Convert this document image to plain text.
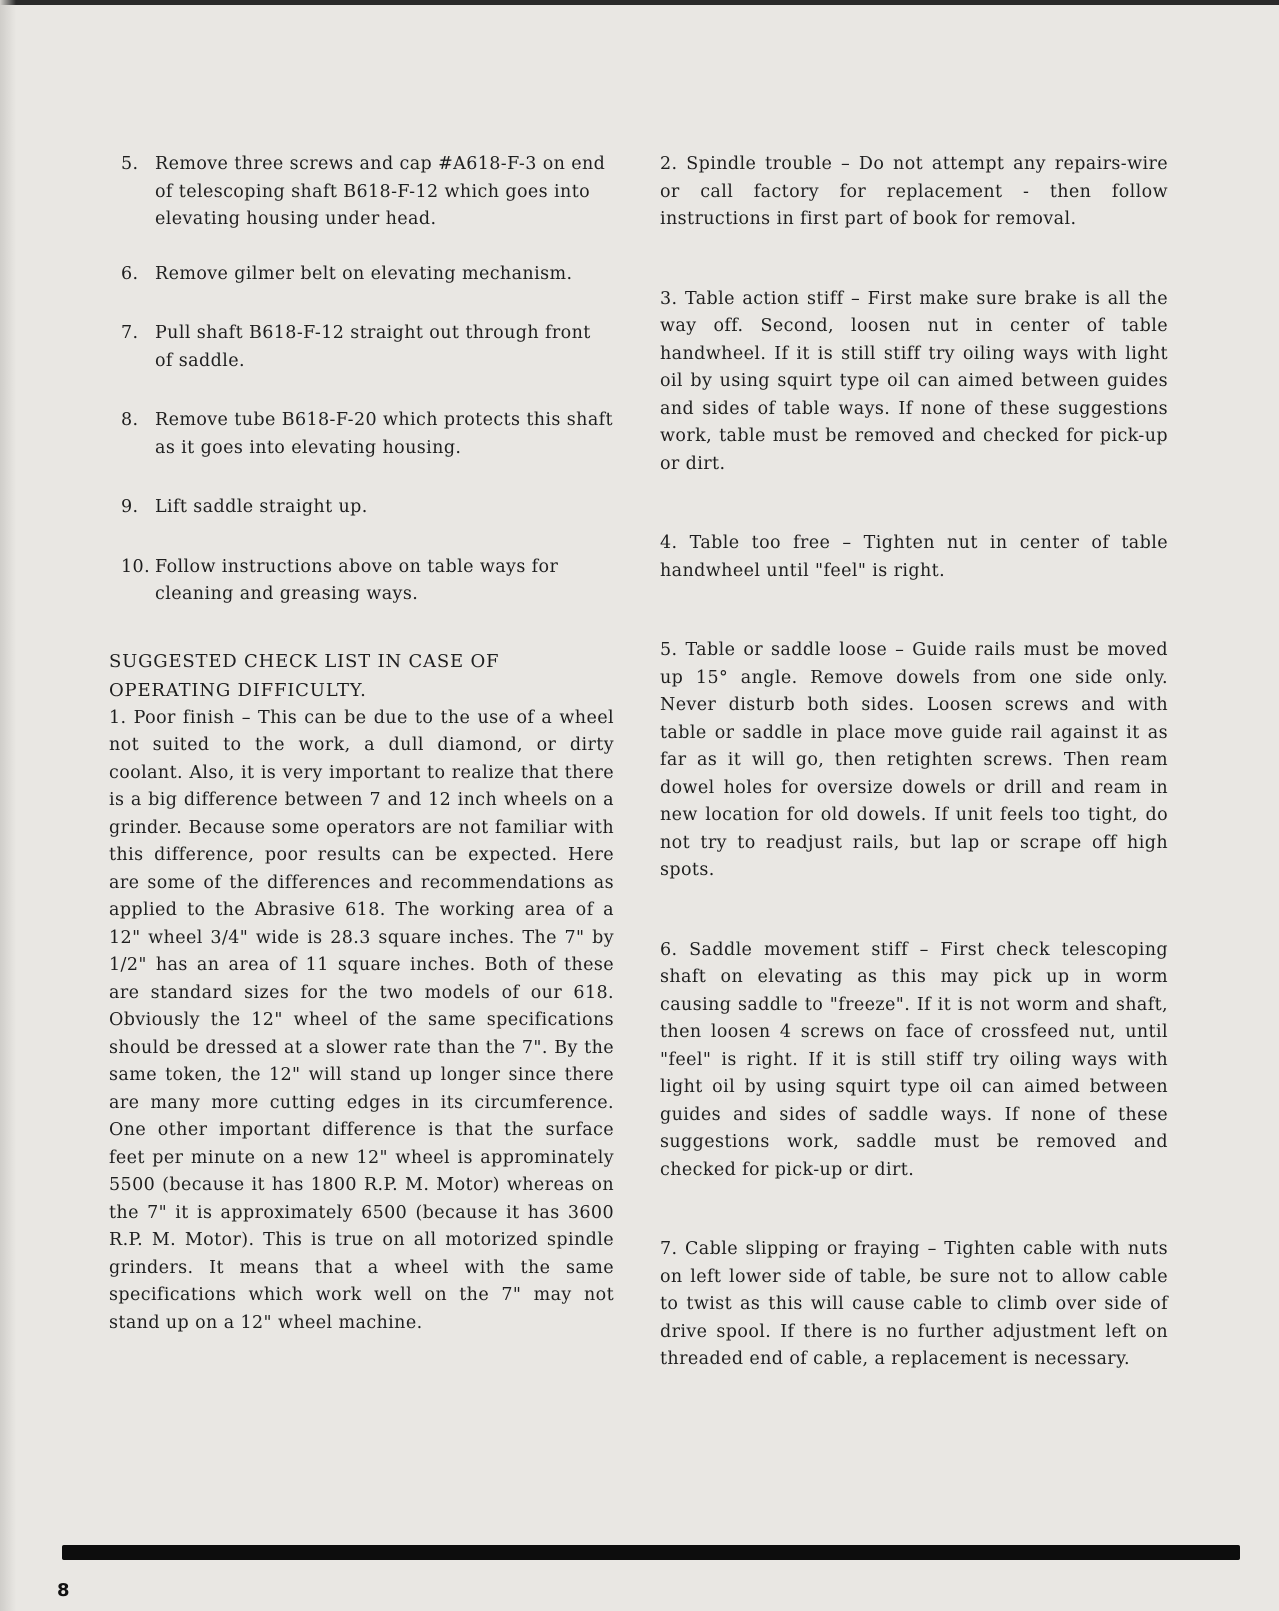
5. Remove three screws and cap #A618-F-3 on end of telescoping shaft B618-F-12 which goes into elevating housing under head.
6. Remove gilmer belt on elevating mechanism.
7. Pull shaft B618-F-12 straight out through front of saddle.
8. Remove tube B618-F-20 which protects this shaft as it goes into elevating housing.
9. Lift saddle straight up.
10. Follow instructions above on table ways for cleaning and greasing ways.
SUGGESTED CHECK LIST IN CASE OF OPERATING DIFFICULTY.

1. Poor finish – This can be due to the use of a wheel not suited to the work, a dull diamond, or dirty coolant. Also, it is very important to realize that there is a big difference between 7 and 12 inch wheels on a grinder. Because some operators are not familiar with this difference, poor results can be expected. Here are some of the differences and recommendations as applied to the Abrasive 618. The working area of a 12" wheel 3/4" wide is 28.3 square inches. The 7" by 1/2" has an area of 11 square inches. Both of these are standard sizes for the two models of our 618. Obviously the 12" wheel of the same specifications should be dressed at a slower rate than the 7". By the same token, the 12" will stand up longer since there are many more cutting edges in its circumference. One other important difference is that the surface feet per minute on a new 12" wheel is approminately 5500 (because it has 1800 R.P. M. Motor) whereas on the 7" it is approximately 6500 (because it has 3600 R.P. M. Motor). This is true on all motorized spindle grinders. It means that a wheel with the same specifications which work well on the 7" may not stand up on a 12" wheel machine.

2. Spindle trouble – Do not attempt any repairs-wire or call factory for replacement - then follow instructions in first part of book for removal.

3. Table action stiff – First make sure brake is all the way off. Second, loosen nut in center of table handwheel. If it is still stiff try oiling ways with light oil by using squirt type oil can aimed between guides and sides of table ways. If none of these suggestions work, table must be removed and checked for pick-up or dirt.

4. Table too free – Tighten nut in center of table handwheel until "feel" is right.

5. Table or saddle loose – Guide rails must be moved up 15° angle. Remove dowels from one side only. Never disturb both sides. Loosen screws and with table or saddle in place move guide rail against it as far as it will go, then retighten screws. Then ream dowel holes for oversize dowels or drill and ream in new location for old dowels. If unit feels too tight, do not try to readjust rails, but lap or scrape off high spots.

6. Saddle movement stiff – First check telescoping shaft on elevating as this may pick up in worm causing saddle to "freeze". If it is not worm and shaft, then loosen 4 screws on face of crossfeed nut, until "feel" is right. If it is still stiff try oiling ways with light oil by using squirt type oil can aimed between guides and sides of saddle ways. If none of these suggestions work, saddle must be removed and checked for pick-up or dirt.

7. Cable slipping or fraying – Tighten cable with nuts on left lower side of table, be sure not to allow cable to twist as this will cause cable to climb over side of drive spool. If there is no further adjustment left on threaded end of cable, a replacement is necessary.

8
